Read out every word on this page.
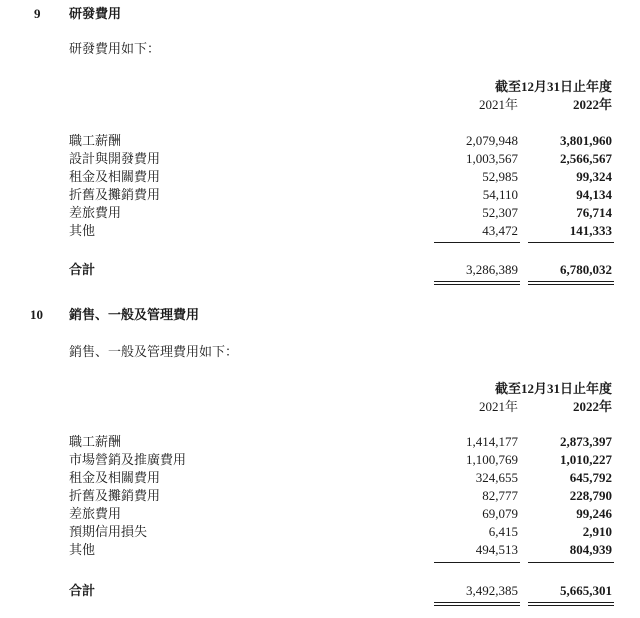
9 研發費用
研發費用如下：
截至12月31日止年度
2021年	2022年
職工薪酬	2,079,948	3,801,960
設計與開發費用	1,003,567	2,566,567
租金及相關費用	52,985	99,324
折舊及攤銷費用	54,110	94,134
差旅費用	52,307	76,714
其他	43,472	141,333
合計	3,286,389	6,780,032
10 銷售、一般及管理費用
銷售、一般及管理費用如下：
截至12月31日止年度
2021年	2022年
職工薪酬	1,414,177	2,873,397
市場營銷及推廣費用	1,100,769	1,010,227
租金及相關費用	324,655	645,792
折舊及攤銷費用	82,777	228,790
差旅費用	69,079	99,246
預期信用損失	6,415	2,910
其他	494,513	804,939
合計	3,492,385	5,665,301
